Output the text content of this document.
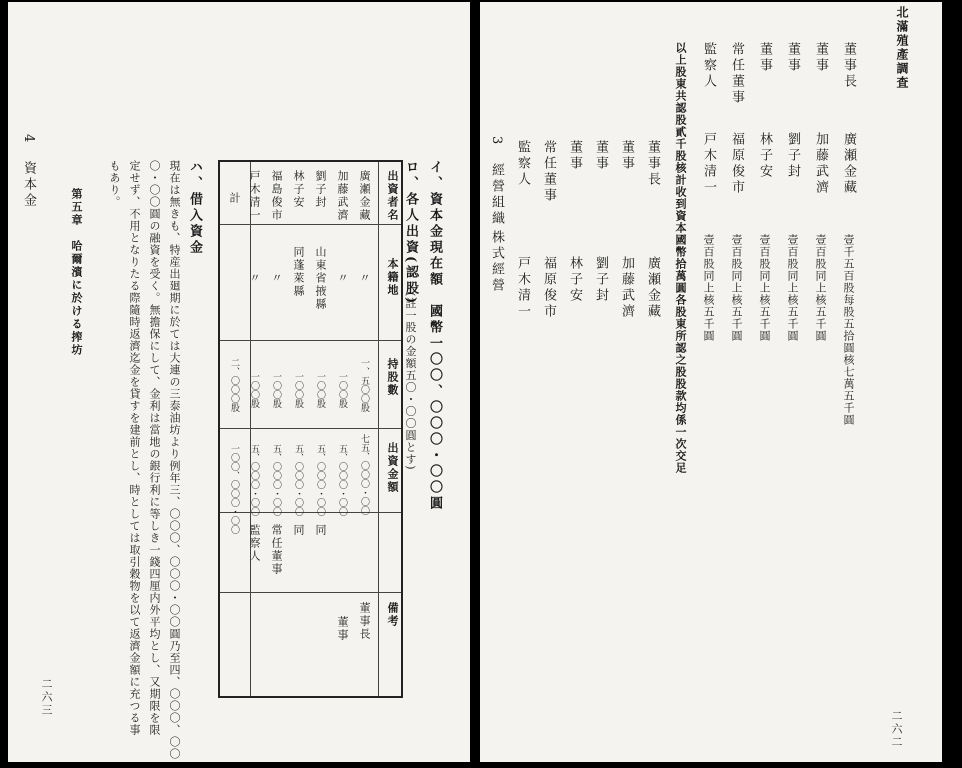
北滿殖產調査
二六二
董事長
廣瀬金藏
壹千五百股每股五拾圓核七萬五千圓
董事
加藤武濟
壹百股同上核五千圓
董事
劉子封
壹百股同上核五千圓
董事
林子安
壹百股同上核五千圓
常任董事
福原俊市
壹百股同上核五千圓
監察人
戸木清一
壹百股同上核五千圓
以上股東共認股貳千股核計收到資本國幣拾萬圓各股東所認之股股款均係一次交足
董事長
廣瀬金藏
董事
加藤武濟
董事
劉子封
董事
林子安
常任董事
福原俊市
監察人
戸木清一
3　經營組織
株式經營
4　資本金	イ、資本金現在額　國幣一〇〇、〇〇〇・〇〇圓
ロ、各人出資(認股)
(註一股の金額五〇・〇〇圓とす)
出資者名
本籍地
持股數
出資金額
備考
廣瀬金藏
〃
一、五〇〇股
七五、〇〇〇・〇〇
董事長
加藤武濟
〃
一〇〇股
五、〇〇〇・〇〇
董事
劉子封
山東省掖縣
一〇〇股
五、〇〇〇・〇〇
同
林子安
同蓬萊縣
一〇〇股
五、〇〇〇・〇〇
同
福島俊市
〃
一〇〇股
五、〇〇〇・〇〇
常任董事
戸木清一
〃
一〇〇股
五、〇〇〇・〇〇
監察人
計
二、〇〇〇股
一〇〇、〇〇〇・〇〇
ハ、借入資金
現在は無きも、特産出廻期に於ては大連の三泰油坊より例年三、〇〇〇、〇〇〇・〇〇圓乃至四、〇〇〇、〇〇
〇・〇〇圓の融資を受く。無擔保にして、金利は當地の銀行利に等しき一錢四厘内外平均とし、又期限を限
定せず、不用となりたる際隨時返濟迄金を貸すを建前とし、時としては取引穀物を以て返濟金額に充つる事
もあり。
第五章　哈爾濱に於ける搾坊
二六三
